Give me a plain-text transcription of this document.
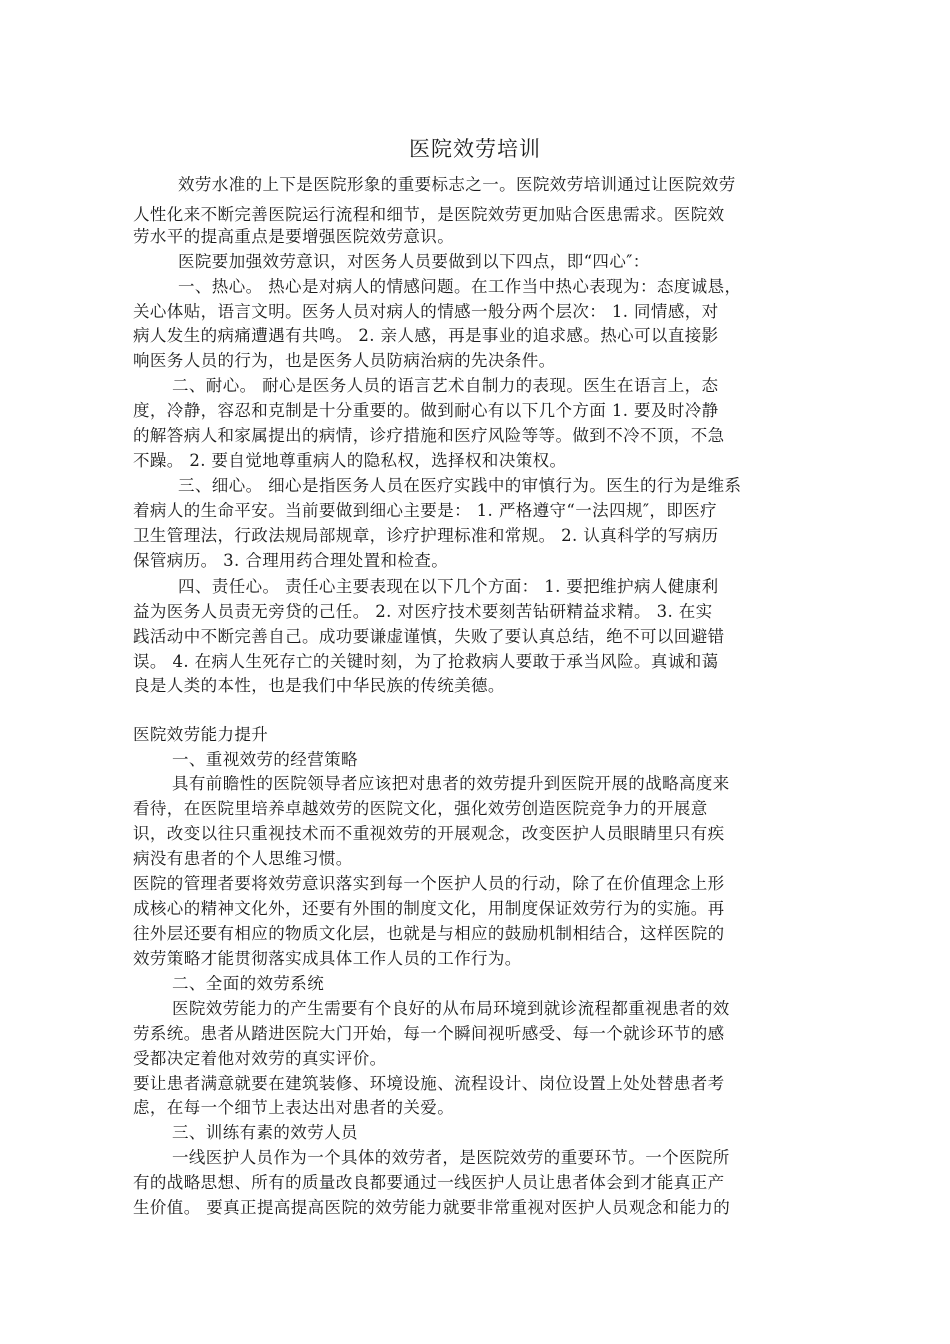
医院效劳培训
效劳水准的上下是医院形象的重要标志之一。医院效劳培训通过让医院效劳
人性化来不断完善医院运行流程和细节，是医院效劳更加贴合医患需求。医院效
劳水平的提高重点是要增强医院效劳意识。
医院要加强效劳意识，对医务人员要做到以下四点，即“四心″：
一、热心。 热心是对病人的情感问题。在工作当中热心表现为：态度诚恳，
关心体贴，语言文明。医务人员对病人的情感一般分两个层次： 1. 同情感，对
病人发生的病痛遭遇有共鸣。 2. 亲人感，再是事业的追求感。热心可以直接影
响医务人员的行为，也是医务人员防病治病的先决条件。
二、耐心。 耐心是医务人员的语言艺术自制力的表现。医生在语言上，态
度，冷静，容忍和克制是十分重要的。做到耐心有以下几个方面 1. 要及时冷静
的解答病人和家属提出的病情，诊疗措施和医疗风险等等。做到不冷不顶，不急
不躁。 2. 要自觉地尊重病人的隐私权，选择权和决策权。
三、细心。 细心是指医务人员在医疗实践中的审慎行为。医生的行为是维系
着病人的生命平安。当前要做到细心主要是： 1. 严格遵守“一法四规″，即医疗
卫生管理法，行政法规局部规章，诊疗护理标准和常规。 2. 认真科学的写病历
保管病历。 3. 合理用药合理处置和检查。
四、责任心。 责任心主要表现在以下几个方面： 1. 要把维护病人健康利
益为医务人员责无旁贷的己任。 2. 对医疗技术要刻苦钻研精益求精。 3. 在实
践活动中不断完善自己。成功要谦虚谨慎，失败了要认真总结，绝不可以回避错
误。 4. 在病人生死存亡的关键时刻，为了抢救病人要敢于承当风险。真诚和蔼
良是人类的本性，也是我们中华民族的传统美德。
医院效劳能力提升
一、重视效劳的经营策略
具有前瞻性的医院领导者应该把对患者的效劳提升到医院开展的战略高度来
看待，在医院里培养卓越效劳的医院文化，强化效劳创造医院竞争力的开展意
识，改变以往只重视技术而不重视效劳的开展观念，改变医护人员眼睛里只有疾
病没有患者的个人思维习惯。
医院的管理者要将效劳意识落实到每一个医护人员的行动，除了在价值理念上形
成核心的精神文化外，还要有外围的制度文化，用制度保证效劳行为的实施。再
往外层还要有相应的物质文化层，也就是与相应的鼓励机制相结合，这样医院的
效劳策略才能贯彻落实成具体工作人员的工作行为。
二、全面的效劳系统
医院效劳能力的产生需要有个良好的从布局环境到就诊流程都重视患者的效
劳系统。患者从踏进医院大门开始，每一个瞬间视听感受、每一个就诊环节的感
受都决定着他对效劳的真实评价。
要让患者满意就要在建筑装修、环境设施、流程设计、岗位设置上处处替患者考
虑，在每一个细节上表达出对患者的关爱。
三、训练有素的效劳人员
一线医护人员作为一个具体的效劳者，是医院效劳的重要环节。一个医院所
有的战略思想、所有的质量改良都要通过一线医护人员让患者体会到才能真正产
生价值。 要真正提高提高医院的效劳能力就要非常重视对医护人员观念和能力的
